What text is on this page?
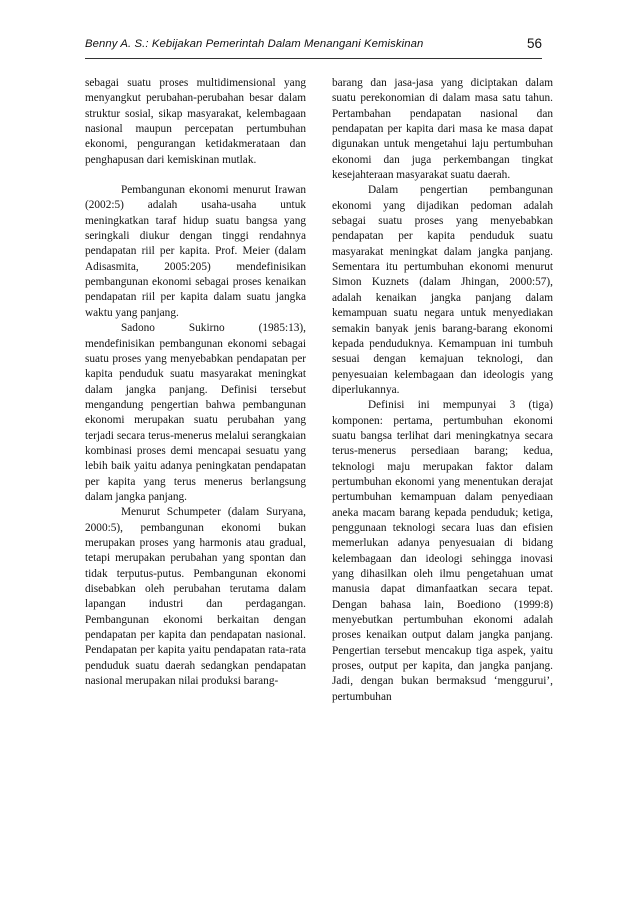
Benny A. S.: Kebijakan Pemerintah Dalam Menangani Kemiskinan	56

sebagai suatu proses multidimensional yang menyangkut perubahan-perubahan besar dalam struktur sosial, sikap masyarakat, kelembagaan nasional maupun percepatan pertumbuhan ekonomi, pengurangan ketidakmerataan dan penghapusan dari kemiskinan mutlak.

Pembangunan ekonomi menurut Irawan (2002:5) adalah usaha-usaha untuk meningkatkan taraf hidup suatu bangsa yang seringkali diukur dengan tinggi rendahnya pendapatan riil per kapita. Prof. Meier (dalam Adisasmita, 2005:205) mendefinisikan pembangunan ekonomi sebagai proses kenaikan pendapatan riil per kapita dalam suatu jangka waktu yang panjang.

Sadono Sukirno (1985:13), mendefinisikan pembangunan ekonomi sebagai suatu proses yang menyebabkan pendapatan per kapita penduduk suatu masyarakat meningkat dalam jangka panjang. Definisi tersebut mengandung pengertian bahwa pembangunan ekonomi merupakan suatu perubahan yang terjadi secara terus-menerus melalui serangkaian kombinasi proses demi mencapai sesuatu yang lebih baik yaitu adanya peningkatan pendapatan per kapita yang terus menerus berlangsung dalam jangka panjang.

Menurut Schumpeter (dalam Suryana, 2000:5), pembangunan ekonomi bukan merupakan proses yang harmonis atau gradual, tetapi merupakan perubahan yang spontan dan tidak terputus-putus. Pembangunan ekonomi disebabkan oleh perubahan terutama dalam lapangan industri dan perdagangan. Pembangunan ekonomi berkaitan dengan pendapatan per kapita dan pendapatan nasional. Pendapatan per kapita yaitu pendapatan rata-rata penduduk suatu daerah sedangkan pendapatan nasional merupakan nilai produksi barang-

barang dan jasa-jasa yang diciptakan dalam suatu perekonomian di dalam masa satu tahun. Pertambahan pendapatan nasional dan pendapatan per kapita dari masa ke masa dapat digunakan untuk mengetahui laju pertumbuhan ekonomi dan juga perkembangan tingkat kesejahteraan masyarakat suatu daerah.

Dalam pengertian pembangunan ekonomi yang dijadikan pedoman adalah sebagai suatu proses yang menyebabkan pendapatan per kapita penduduk suatu masyarakat meningkat dalam jangka panjang. Sementara itu pertumbuhan ekonomi menurut Simon Kuznets (dalam Jhingan, 2000:57), adalah kenaikan jangka panjang dalam kemampuan suatu negara untuk menyediakan semakin banyak jenis barang-barang ekonomi kepada penduduknya. Kemampuan ini tumbuh sesuai dengan kemajuan teknologi, dan penyesuaian kelembagaan dan ideologis yang diperlukannya.

Definisi ini mempunyai 3 (tiga) komponen: pertama, pertumbuhan ekonomi suatu bangsa terlihat dari meningkatnya secara terus-menerus persediaan barang; kedua, teknologi maju merupakan faktor dalam pertumbuhan ekonomi yang menentukan derajat pertumbuhan kemampuan dalam penyediaan aneka macam barang kepada penduduk; ketiga, penggunaan teknologi secara luas dan efisien memerlukan adanya penyesuaian di bidang kelembagaan dan ideologi sehingga inovasi yang dihasilkan oleh ilmu pengetahuan umat manusia dapat dimanfaatkan secara tepat. Dengan bahasa lain, Boediono (1999:8) menyebutkan pertumbuhan ekonomi adalah proses kenaikan output dalam jangka panjang. Pengertian tersebut mencakup tiga aspek, yaitu proses, output per kapita, dan jangka panjang. Jadi, dengan bukan bermaksud ‘menggurui’, pertumbuhan
